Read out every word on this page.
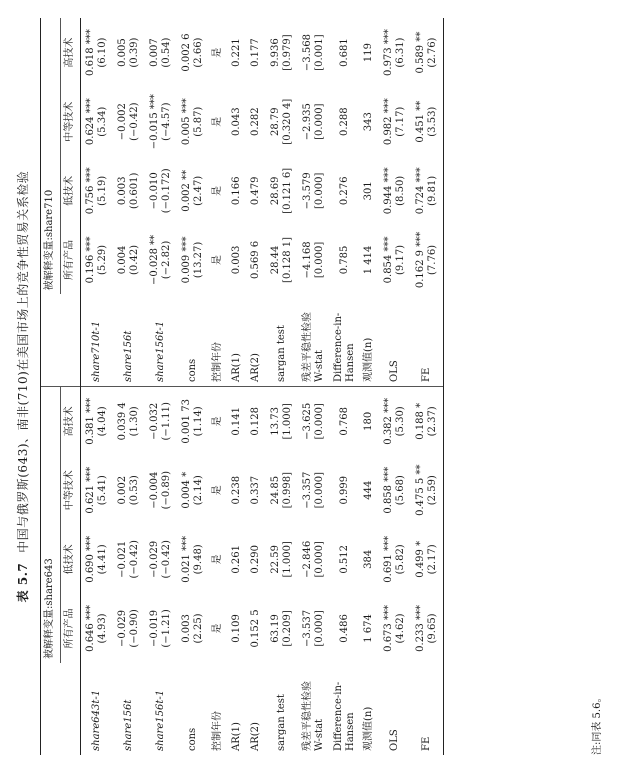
表 5.7中国与俄罗斯(643)、南非(710)在美国市场上的竞争性贸易关系检验
	被解释变量:share643					被解释变量:share710			
	所有产品	低技术	中等技术	高技术		所有产品	低技术	中等技术	高技术
share643t-1	0.646 *** (4.93)	0.690 *** (4.41)	0.621 *** (5.41)	0.381 *** (4.04)	share710t-1	0.196 *** (5.29)	0.756 *** (5.19)	0.624 *** (5.34)	0.618 *** (6.10)

share156t	−0.029 (−0.90)	−0.021 (−0.42)	0.002 (0.53)	0.039 4 (1.30)	share156t	0.004 (0.42)	0.003 (0.601)	−0.002 (−0.42)	0.005 (0.39)

share156t-1	−0.019 (−1.21)	−0.029 (−0.42)	−0.004 (−0.89)	−0.032 (−1.11)	share156t-1	−0.028 ** (−2.82)	−0.010 (−0.172)	−0.015 *** (−4.57)	0.007 (0.54)

cons	0.003 (2.25)	0.021 *** (9.48)	0.004 * (2.14)	0.001 73 (1.14)	cons	0.009 *** (13.27)	0.002 ** (2.47)	0.005 *** (5.87)	0.002 6 (2.66)

控制年份	是	是	是	是	控制年份	是	是	是	是
AR(1)	0.109	0.261	0.238	0.141	AR(1)	0.003	0.166	0.043	0.221
AR(2)	0.152 5	0.290	0.337	0.128	AR(2)	0.569 6	0.479	0.282	0.177
sargan test	63.19 [0.209]	22.59 [1.000]	24.85 [0.998]	13.73 [1.000]	sargan test	28.44 [0.128 1]	28.69 [0.121 6]	28.79 [0.320 4]	9.936 [0.979]

残差平稳性检验 W-stat	−3.537 [0.000]	−2.846 [0.000]	−3.357 [0.000]	−3.625 [0.000]	残差平稳性检验 W-stat	−4.168 [0.000]	−3.579 [0.000]	−2.935 [0.000]	−3.568 [0.001]

Difference-in- Hansen	0.486	0.512	0.999	0.768	Difference-in- Hansen	0.785	0.276	0.288	0.681
观测值(n)	1 674	384	444	180	观测值(n)	1 414	301	343	119
OLS	0.673 *** (4.62)	0.691 *** (5.82)	0.858 *** (5.68)	0.382 *** (5.30)	OLS	0.854 *** (9.17)	0.944 *** (8.50)	0.982 *** (7.17)	0.973 *** (6.31)

FE	0.233 *** (9.65)	0.499 * (2.17)	0.475 5 ** (2.59)	0.188 * (2.37)	FE	0.162 9 *** (7.76)	0.724 *** (9.81)	0.451 ** (3.53)	0.589 ** (2.76)
注:同表 5.6。
